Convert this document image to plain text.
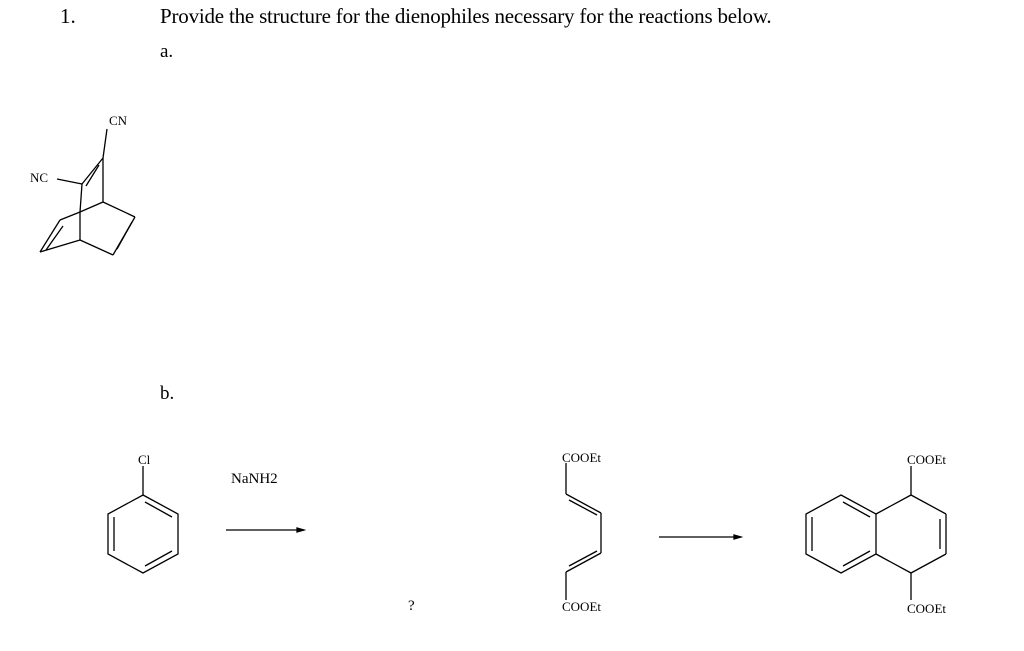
1.	Provide the structure for the dienophiles necessary for the reactions below.
a.
b.
CN
NC
Cl
NaNH2
?
COOEt
COOEt
COOEt
COOEt
